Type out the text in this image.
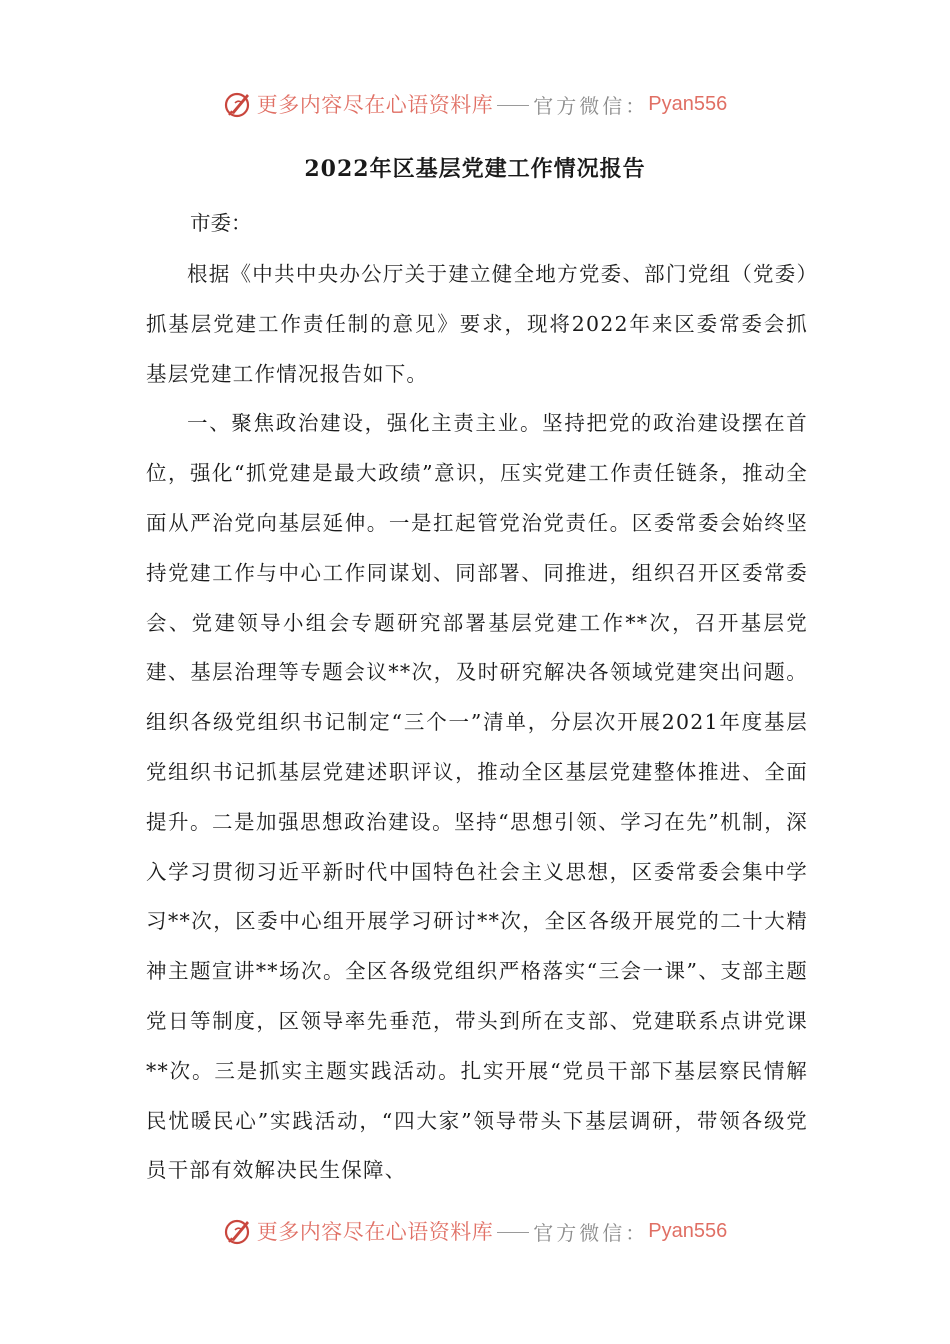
更多内容尽在心语资料库 官方微信： Pyan556
2022年区基层党建工作情况报告

市委：

根据《中共中央办公厅关于建立健全地方党委、部门党组（党委）抓基层党建工作责任制的意见》要求，现将2022年来区委常委会抓基层党建工作情况报告如下。

一、聚焦政治建设，强化主责主业。坚持把党的政治建设摆在首位，强化“抓党建是最大政绩”意识，压实党建工作责任链条，推动全面从严治党向基层延伸。一是扛起管党治党责任。区委常委会始终坚持党建工作与中心工作同谋划、同部署、同推进，组织召开区委常委会、党建领导小组会专题研究部署基层党建工作**次，召开基层党建、基层治理等专题会议**次，及时研究解决各领域党建突出问题。组织各级党组织书记制定“三个一”清单，分层次开展2021年度基层党组织书记抓基层党建述职评议，推动全区基层党建整体推进、全面提升。二是加强思想政治建设。坚持“思想引领、学习在先”机制，深入学习贯彻习近平新时代中国特色社会主义思想，区委常委会集中学习**次，区委中心组开展学习研讨**次，全区各级开展党的二十大精神主题宣讲**场次。全区各级党组织严格落实“三会一课”、支部主题党日等制度，区领导率先垂范，带头到所在支部、党建联系点讲党课**次。三是抓实主题实践活动。扎实开展“党员干部下基层察民情解民忧暖民心”实践活动，“四大家”领导带头下基层调研，带领各级党员干部有效解决民生保障、

更多内容尽在心语资料库 官方微信： Pyan556
